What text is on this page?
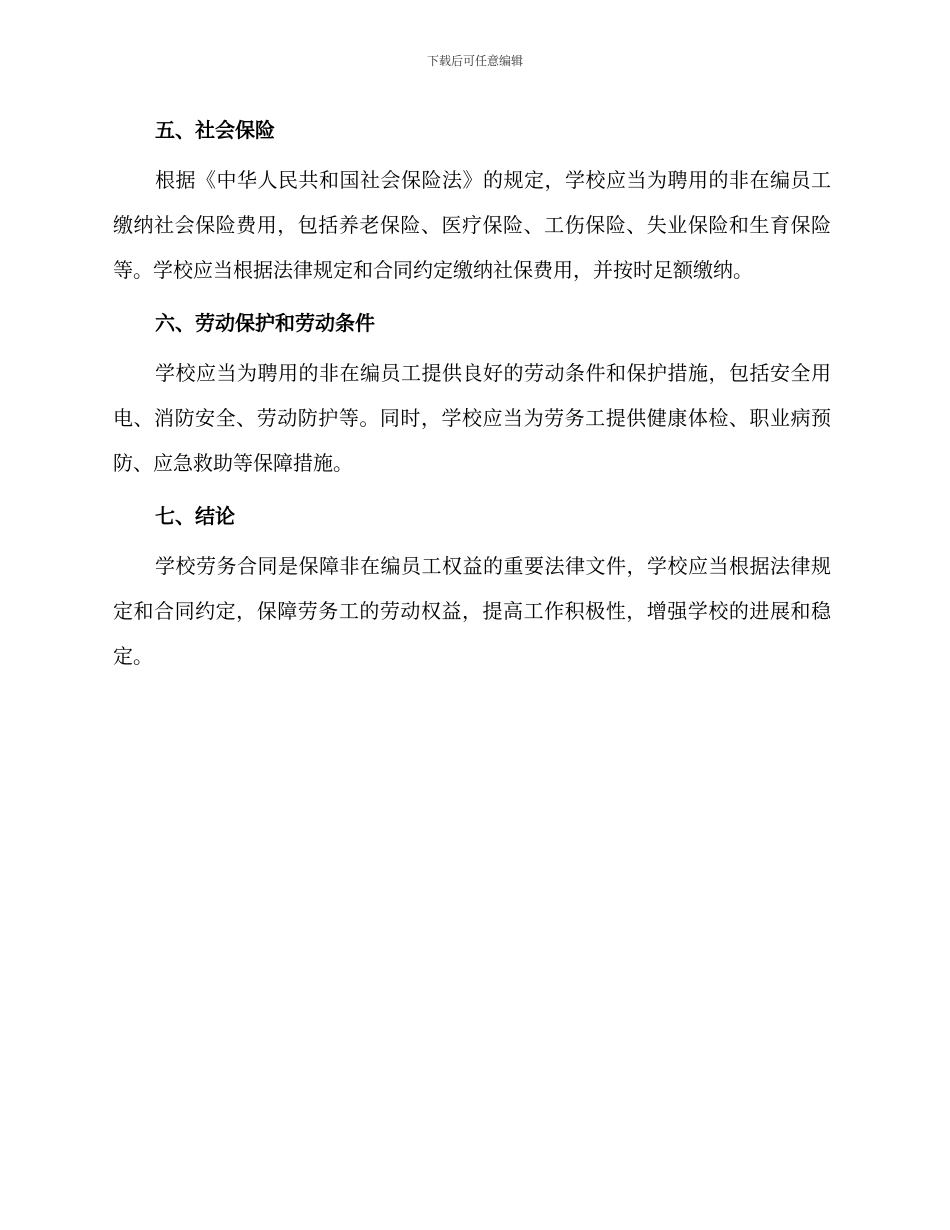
下载后可任意编辑
五、社会保险
根据《中华人民共和国社会保险法》的规定，学校应当为聘用的非在编员工缴纳社会保险费用，包括养老保险、医疗保险、工伤保险、失业保险和生育保险等。学校应当根据法律规定和合同约定缴纳社保费用，并按时足额缴纳。
六、劳动保护和劳动条件
学校应当为聘用的非在编员工提供良好的劳动条件和保护措施，包括安全用电、消防安全、劳动防护等。同时，学校应当为劳务工提供健康体检、职业病预防、应急救助等保障措施。
七、结论
学校劳务合同是保障非在编员工权益的重要法律文件，学校应当根据法律规定和合同约定，保障劳务工的劳动权益，提高工作积极性，增强学校的进展和稳定。
